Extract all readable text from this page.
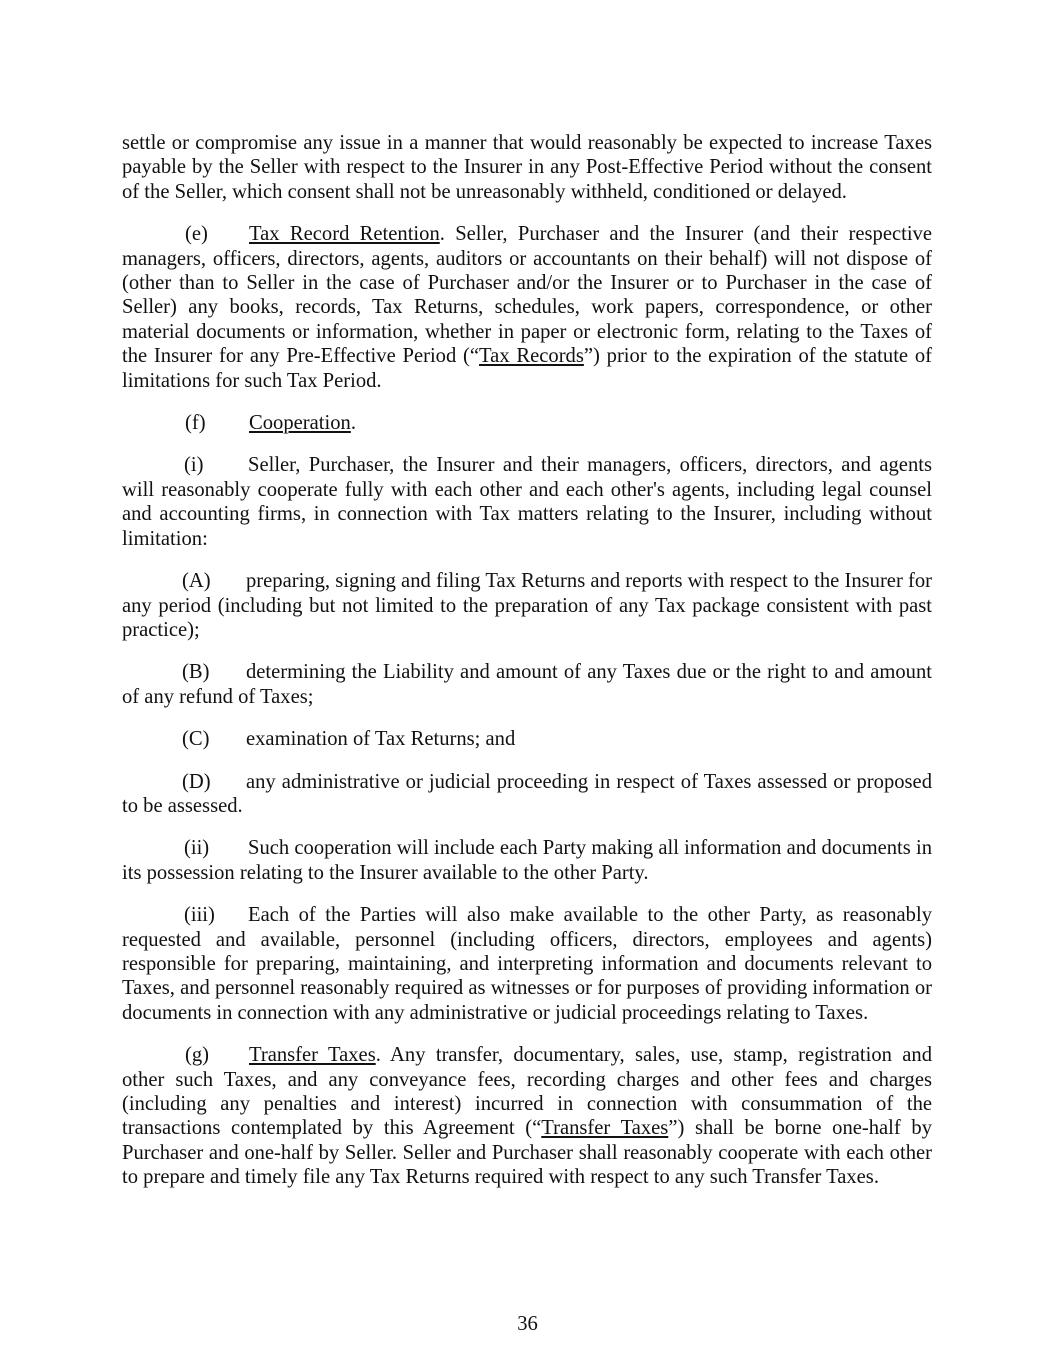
settle or compromise any issue in a manner that would reasonably be expected to increase Taxes payable by the Seller with respect to the Insurer in any Post-Effective Period without the consent of the Seller, which consent shall not be unreasonably withheld, conditioned or delayed.

(e) Tax Record Retention. Seller, Purchaser and the Insurer (and their respective managers, officers, directors, agents, auditors or accountants on their behalf) will not dispose of (other than to Seller in the case of Purchaser and/or the Insurer or to Purchaser in the case of Seller) any books, records, Tax Returns, schedules, work papers, correspondence, or other material documents or information, whether in paper or electronic form, relating to the Taxes of the Insurer for any Pre-Effective Period (“Tax Records”) prior to the expiration of the statute of limitations for such Tax Period.

(f) Cooperation.

(i) Seller, Purchaser, the Insurer and their managers, officers, directors, and agents will reasonably cooperate fully with each other and each other's agents, including legal counsel and accounting firms, in connection with Tax matters relating to the Insurer, including without limitation:

(A) preparing, signing and filing Tax Returns and reports with respect to the Insurer for any period (including but not limited to the preparation of any Tax package consistent with past practice);

(B) determining the Liability and amount of any Taxes due or the right to and amount of any refund of Taxes;

(C) examination of Tax Returns; and

(D) any administrative or judicial proceeding in respect of Taxes assessed or proposed to be assessed.

(ii) Such cooperation will include each Party making all information and documents in its possession relating to the Insurer available to the other Party.

(iii) Each of the Parties will also make available to the other Party, as reasonably requested and available, personnel (including officers, directors, employees and agents) responsible for preparing, maintaining, and interpreting information and documents relevant to Taxes, and personnel reasonably required as witnesses or for purposes of providing information or documents in connection with any administrative or judicial proceedings relating to Taxes.

(g) Transfer Taxes. Any transfer, documentary, sales, use, stamp, registration and other such Taxes, and any conveyance fees, recording charges and other fees and charges (including any penalties and interest) incurred in connection with consummation of the transactions contemplated by this Agreement (“Transfer Taxes”) shall be borne one-half by Purchaser and one-half by Seller. Seller and Purchaser shall reasonably cooperate with each other to prepare and timely file any Tax Returns required with respect to any such Transfer Taxes.

36
